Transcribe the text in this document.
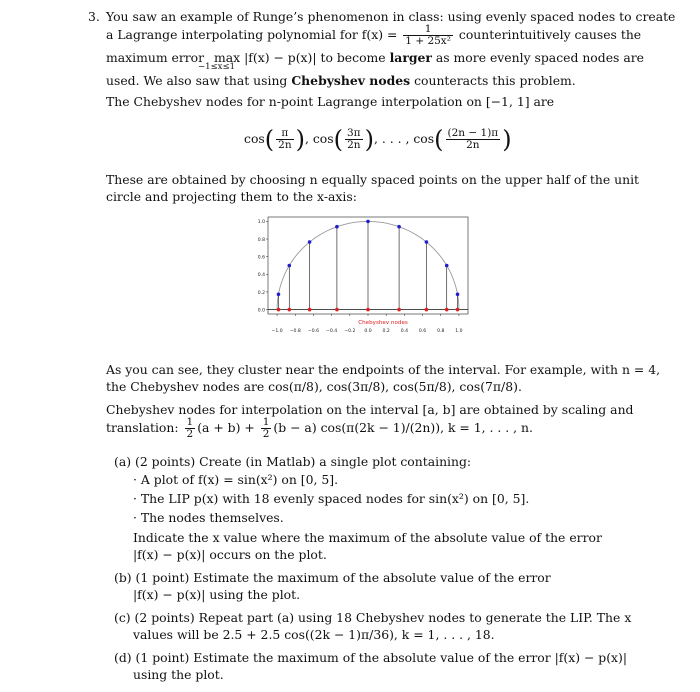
3. You saw an example of Runge’s phenomenon in class: using evenly spaced nodes to create
a Lagrange interpolating polynomial for $f(x) = \frac{1}{\text{1 + 25x²}}$ counterintuitively causes the
maximum error max |f(x) − p(x)| to become larger as more evenly spaced nodes are
−1≤x≤1
used. We also saw that using Chebyshev nodes counteracts this problem.
The Chebyshev nodes for n-point Lagrange interpolation on [−1, 1] are
$\cos( \frac{\pi}{2n}$ ), $\cos( \frac{3\pi}{2n}$ ), . . . , $\cos( \frac{(2n - 1)\pi}{2n}$ )
These are obtained by choosing n equally spaced points on the upper half of the unit
circle and projecting them to the x-axis:
0.0
0.2
0.4
0.6
0.8
1.0
−1.0 −0.8 −0.6 −0.4 −0.2 0.0 0.2 0.4 0.6 0.8 1.0
Chebyshev nodes
As you can see, they cluster near the endpoints of the interval. For example, with n = 4,
the Chebyshev nodes are cos(π/8), cos(3π/8), cos(5π/8), cos(7π/8).
Chebyshev nodes for interpolation on the interval [a, b] are obtained by scaling and
translation: $\frac{1}{2} (a + b) + \frac{1}{2} (b - a) \cos(\pi(2k - 1)/(2n))$, k = 1, . . . , n.
(a) (2 points) Create (in Matlab) a single plot containing:
· A plot of f(x) = sin(x²) on [0, 5].
· The LIP p(x) with 18 evenly spaced nodes for sin(x²) on [0, 5].
· The nodes themselves.
Indicate the x value where the maximum of the absolute value of the error
|f(x) − p(x)| occurs on the plot.
(b) (1 point) Estimate the maximum of the absolute value of the error
|f(x) − p(x)| using the plot.
(c) (2 points) Repeat part (a) using 18 Chebyshev nodes to generate the LIP. The x
values will be 2.5 + 2.5 cos((2k − 1)π/36), k = 1, . . . , 18.
(d) (1 point) Estimate the maximum of the absolute value of the error |f(x) − p(x)|
using the plot.
